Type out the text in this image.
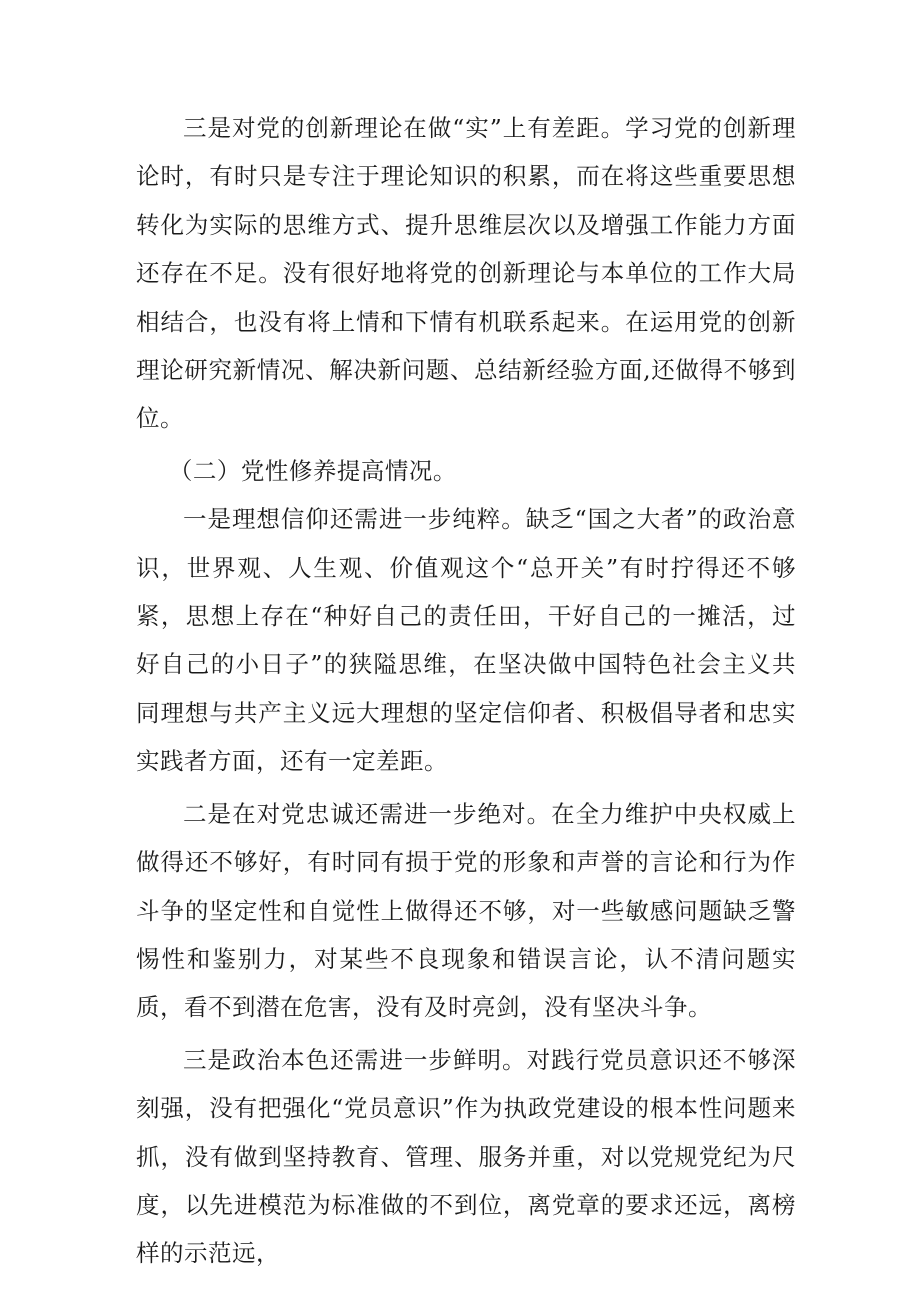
三是对党的创新理论在做“实”上有差距。学习党的创新理论时，有时只是专注于理论知识的积累，而在将这些重要思想转化为实际的思维方式、提升思维层次以及增强工作能力方面还存在不足。没有很好地将党的创新理论与本单位的工作大局相结合，也没有将上情和下情有机联系起来。在运用党的创新理论研究新情况、解决新问题、总结新经验方面,还做得不够到位。

（二）党性修养提高情况。

一是理想信仰还需进一步纯粹。缺乏“国之大者”的政治意识，世界观、人生观、价值观这个“总开关”有时拧得还不够紧，思想上存在“种好自己的责任田，干好自己的一摊活，过好自己的小日子”的狭隘思维，在坚决做中国特色社会主义共同理想与共产主义远大理想的坚定信仰者、积极倡导者和忠实实践者方面，还有一定差距。

二是在对党忠诚还需进一步绝对。在全力维护中央权威上做得还不够好，有时同有损于党的形象和声誉的言论和行为作斗争的坚定性和自觉性上做得还不够，对一些敏感问题缺乏警惕性和鉴别力，对某些不良现象和错误言论，认不清问题实质，看不到潜在危害，没有及时亮剑，没有坚决斗争。

三是政治本色还需进一步鲜明。对践行党员意识还不够深刻强，没有把强化“党员意识”作为执政党建设的根本性问题来抓，没有做到坚持教育、管理、服务并重，对以党规党纪为尺度，以先进模范为标准做的不到位，离党章的要求还远，离榜样的示范远，
